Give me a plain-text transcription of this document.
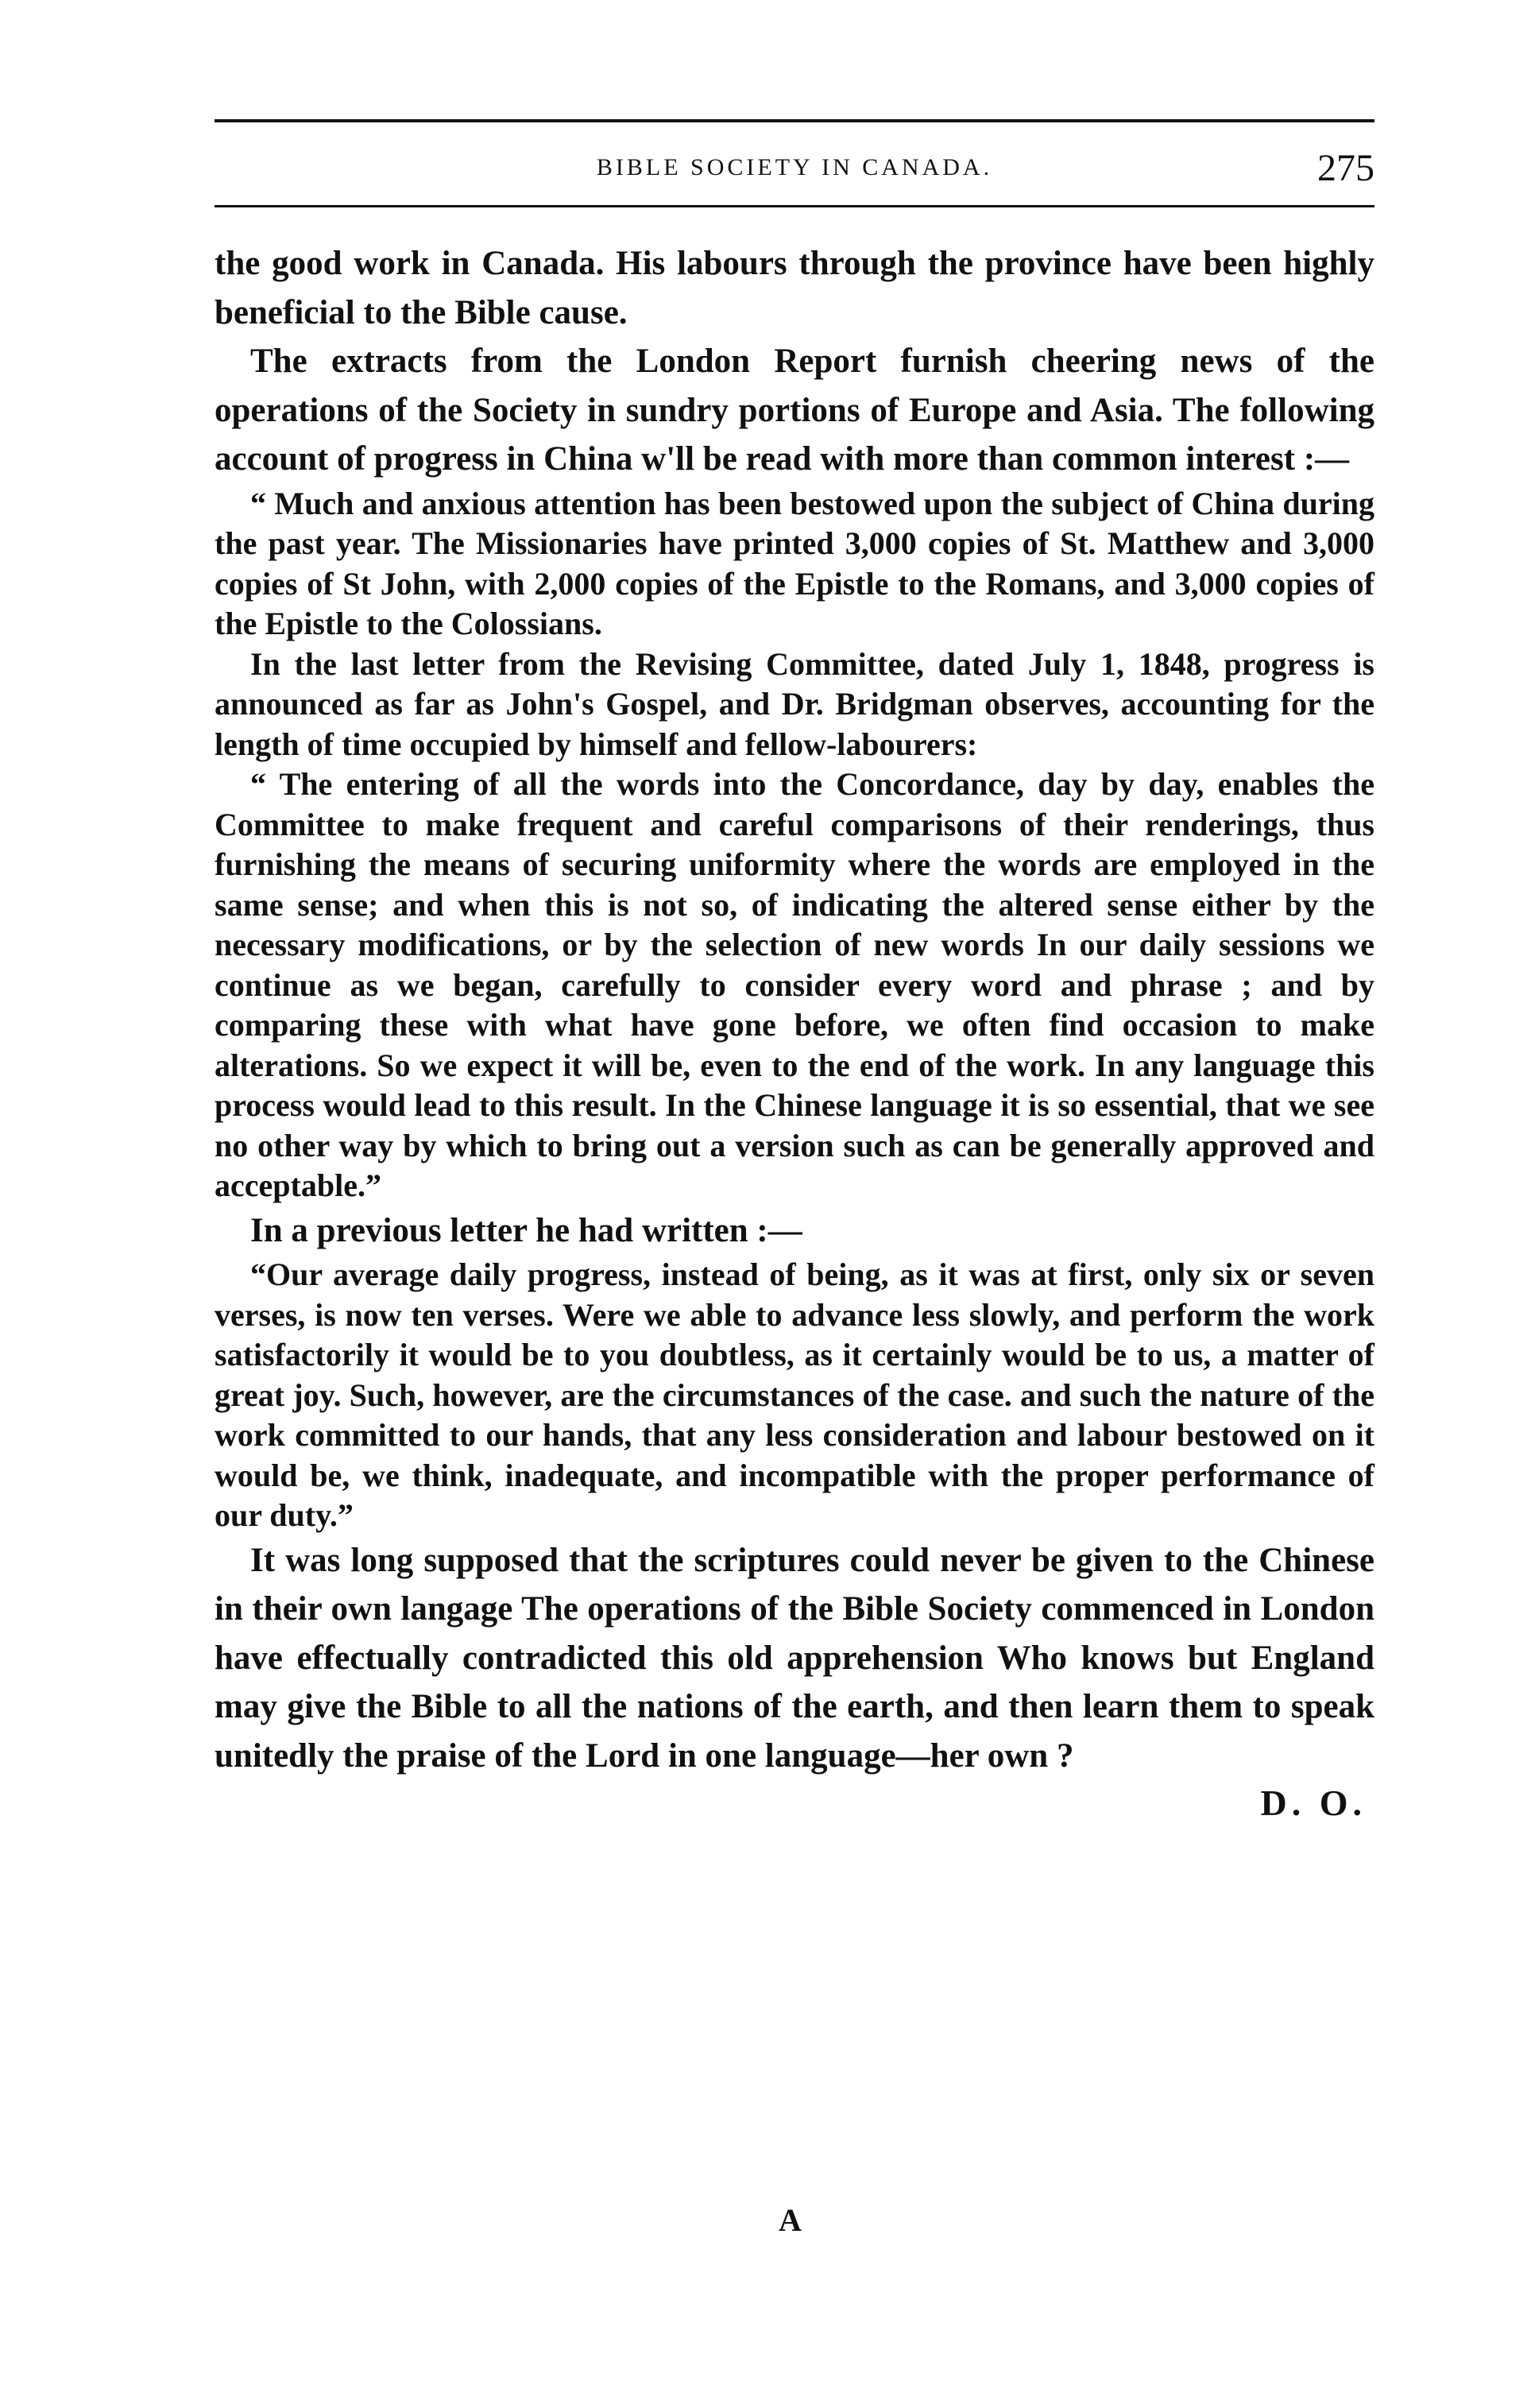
BIBLE SOCIETY IN CANADA.	275

the good work in Canada. His labours through the province have been highly beneficial to the Bible cause.

The extracts from the London Report furnish cheering news of the operations of the Society in sundry portions of Europe and Asia. The following account of progress in China w'll be read with more than common interest :—

“ Much and anxious attention has been bestowed upon the subject of China during the past year. The Missionaries have printed 3,000 copies of St. Matthew and 3,000 copies of St John, with 2,000 copies of the Epistle to the Romans, and 3,000 copies of the Epistle to the Colossians.

In the last letter from the Revising Committee, dated July 1, 1848, progress is announced as far as John's Gospel, and Dr. Bridgman observes, accounting for the length of time occupied by himself and fellow-labourers:

“ The entering of all the words into the Concordance, day by day, enables the Committee to make frequent and careful comparisons of their renderings, thus furnishing the means of securing uniformity where the words are employed in the same sense; and when this is not so, of indicating the altered sense either by the necessary modifications, or by the selection of new words In our daily sessions we continue as we began, carefully to consider every word and phrase ; and by comparing these with what have gone before, we often find occasion to make alterations. So we expect it will be, even to the end of the work. In any language this process would lead to this result. In the Chinese language it is so essential, that we see no other way by which to bring out a version such as can be generally approved and acceptable.”

In a previous letter he had written :—

“Our average daily progress, instead of being, as it was at first, only six or seven verses, is now ten verses. Were we able to advance less slowly, and perform the work satisfactorily it would be to you doubtless, as it certainly would be to us, a matter of great joy. Such, however, are the circumstances of the case. and such the nature of the work committed to our hands, that any less consideration and labour bestowed on it would be, we think, inadequate, and incompatible with the proper performance of our duty.”

It was long supposed that the scriptures could never be given to the Chinese in their own langage The operations of the Bible Society commenced in London have effectually contradicted this old apprehension Who knows but England may give the Bible to all the nations of the earth, and then learn them to speak unitedly the praise of the Lord in one language—her own ?

D. O.
A
